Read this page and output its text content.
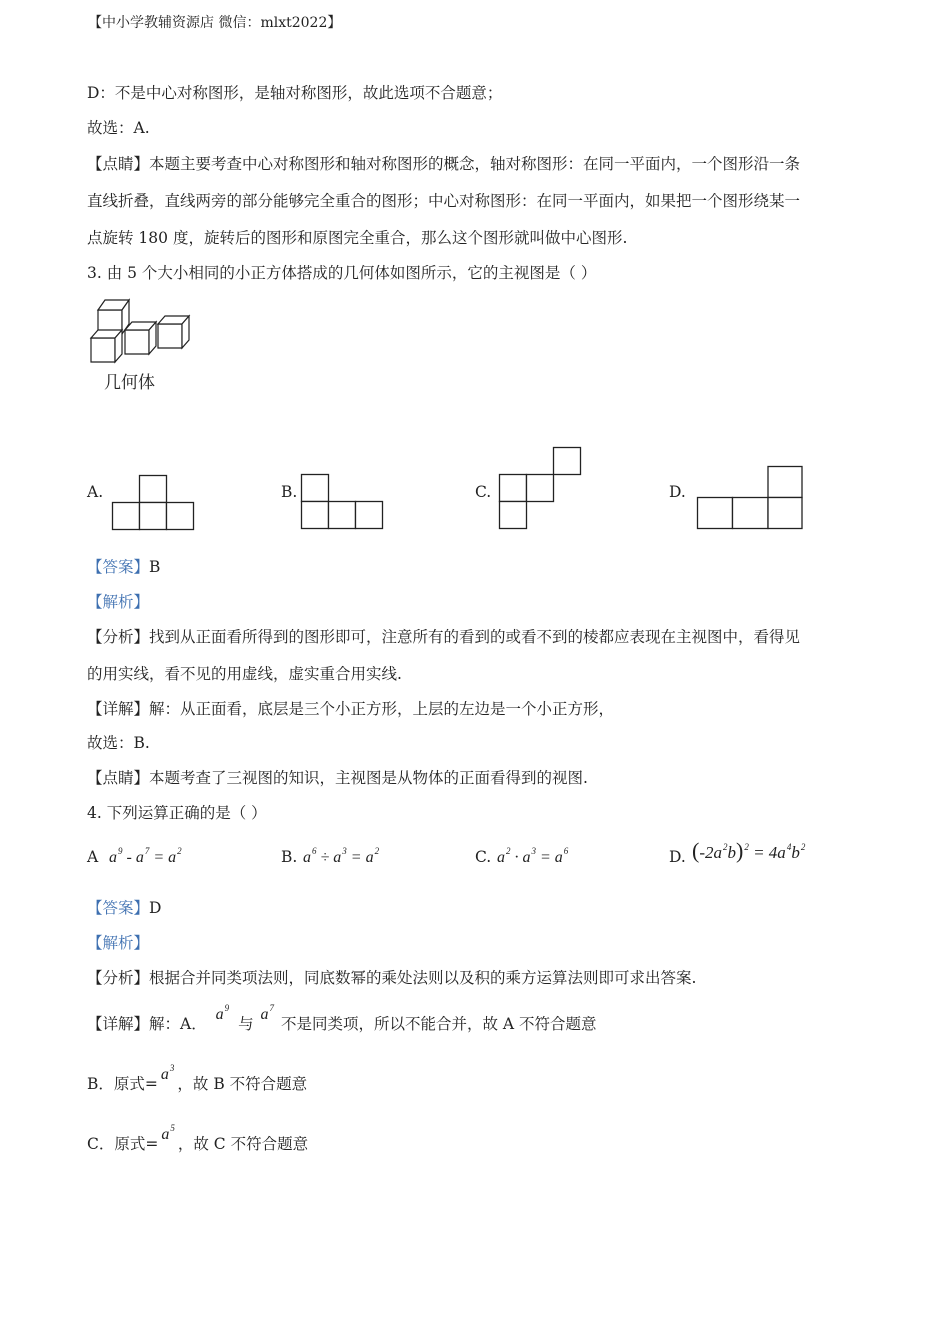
【中小学教辅资源店 微信：mlxt2022】
D：不是中心对称图形，是轴对称图形，故此选项不合题意；
故选：A.
【点睛】本题主要考查中心对称图形和轴对称图形的概念，轴对称图形：在同一平面内，一个图形沿一条
直线折叠，直线两旁的部分能够完全重合的图形；中心对称图形：在同一平面内，如果把一个图形绕某一
点旋转 180 度，旋转后的图形和原图完全重合，那么这个图形就叫做中心图形.
3. 由 5 个大小相同的小正方体搭成的几何体如图所示，它的主视图是（ ）
几何体
A.	B.	C.	D.
【答案】B
【解析】
【分析】找到从正面看所得到的图形即可，注意所有的看到的或看不到的棱都应表现在主视图中，看得见
的用实线，看不见的用虚线，虚实重合用实线.
【详解】解：从正面看，底层是三个小正方形，上层的左边是一个小正方形，
故选：B.
【点睛】本题考查了三视图的知识，主视图是从物体的正面看得到的视图.
4. 下列运算正确的是（ ）
A $a^9 - a^7 = a^2$	B. $a^6 \div a^3 = a^2$	C. $a^2 \cdot a^3 = a^6$	D. $(-2a^2b)^2 = 4a^4b^2$
【答案】D
【解析】
【分析】根据合并同类项法则，同底数幂的乘处法则以及积的乘方运算法则即可求出答案.
【详解】解：A． $a^9$ 与 $a^7$ 不是同类项，所以不能合并，故 A 不符合题意
B．原式$=a^3$，故 B 不符合题意
C．原式$=a^5$，故 C 不符合题意
